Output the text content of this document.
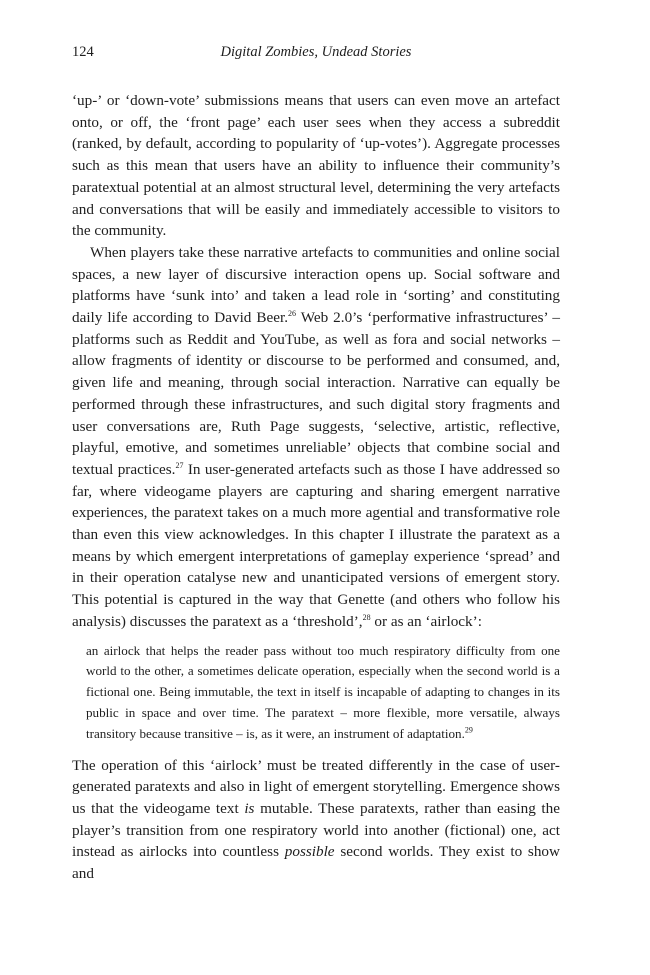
124	Digital Zombies, Undead Stories

‘up-’ or ‘down-vote’ submissions means that users can even move an artefact onto, or off, the ‘front page’ each user sees when they access a subreddit (ranked, by default, according to popularity of ‘up-votes’). Aggregate processes such as this mean that users have an ability to influence their community’s paratextual potential at an almost structural level, determining the very artefacts and conversations that will be easily and immediately accessible to visitors to the community.

When players take these narrative artefacts to communities and online social spaces, a new layer of discursive interaction opens up. Social software and platforms have ‘sunk into’ and taken a lead role in ‘sorting’ and constituting daily life according to David Beer.$^{26}$ Web 2.0’s ‘performative infrastructures’ – platforms such as Reddit and YouTube, as well as fora and social networks – allow fragments of identity or discourse to be performed and consumed, and, given life and meaning, through social interaction. Narrative can equally be performed through these infrastructures, and such digital story fragments and user conversations are, Ruth Page suggests, ‘selective, artistic, reflective, playful, emotive, and sometimes unreliable’ objects that combine social and textual practices.$^{27}$ In user-generated artefacts such as those I have addressed so far, where videogame players are capturing and sharing emergent narrative experiences, the paratext takes on a much more agential and transformative role than even this view acknowledges. In this chapter I illustrate the paratext as a means by which emergent interpretations of gameplay experience ‘spread’ and in their operation catalyse new and unanticipated versions of emergent story. This potential is captured in the way that Genette (and others who follow his analysis) discusses the paratext as a ‘threshold’,$^{28}$ or as an ‘airlock’:

an airlock that helps the reader pass without too much respiratory difficulty from one world to the other, a sometimes delicate operation, especially when the second world is a fictional one. Being immutable, the text in itself is incapable of adapting to changes in its public in space and over time. The paratext – more flexible, more versatile, always transitory because transitive – is, as it were, an instrument of adaptation.$^{29}$

The operation of this ‘airlock’ must be treated differently in the case of user-generated paratexts and also in light of emergent storytelling. Emergence shows us that the videogame text is mutable. These paratexts, rather than easing the player’s transition from one respiratory world into another (fictional) one, act instead as airlocks into countless possible second worlds. They exist to show and
